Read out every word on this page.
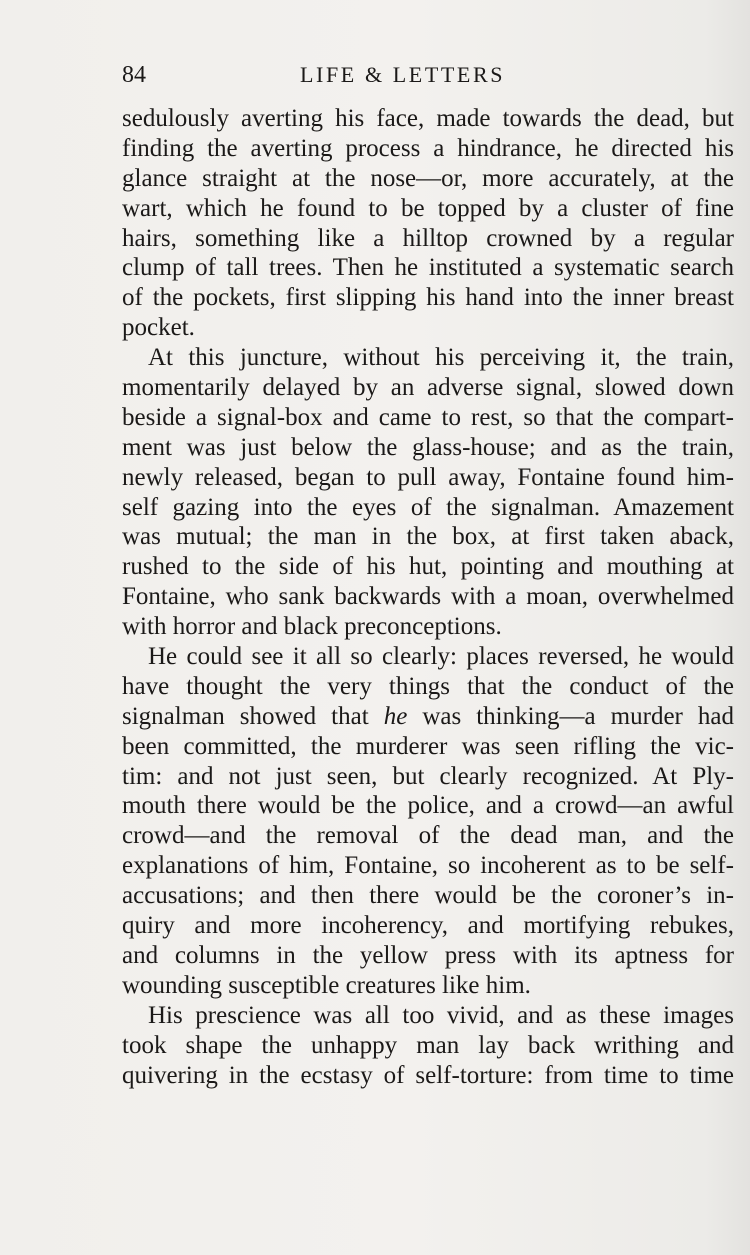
84	LIFE & LETTERS
sedulously averting his face, made towards the dead, but
finding the averting process a hindrance, he directed his
glance straight at the nose—or, more accurately, at the
wart, which he found to be topped by a cluster of fine
hairs, something like a hilltop crowned by a regular
clump of tall trees. Then he instituted a systematic search
of the pockets, first slipping his hand into the inner breast
pocket.
At this juncture, without his perceiving it, the train,
momentarily delayed by an adverse signal, slowed down
beside a signal-box and came to rest, so that the compart-
ment was just below the glass-house; and as the train,
newly released, began to pull away, Fontaine found him-
self gazing into the eyes of the signalman. Amazement
was mutual; the man in the box, at first taken aback,
rushed to the side of his hut, pointing and mouthing at
Fontaine, who sank backwards with a moan, overwhelmed
with horror and black preconceptions.
He could see it all so clearly: places reversed, he would
have thought the very things that the conduct of the
signalman showed that he was thinking—a murder had
been committed, the murderer was seen rifling the vic-
tim: and not just seen, but clearly recognized. At Ply-
mouth there would be the police, and a crowd—an awful
crowd—and the removal of the dead man, and the
explanations of him, Fontaine, so incoherent as to be self-
accusations; and then there would be the coroner’s in-
quiry and more incoherency, and mortifying rebukes,
and columns in the yellow press with its aptness for
wounding susceptible creatures like him.
His prescience was all too vivid, and as these images
took shape the unhappy man lay back writhing and
quivering in the ecstasy of self-torture: from time to time
